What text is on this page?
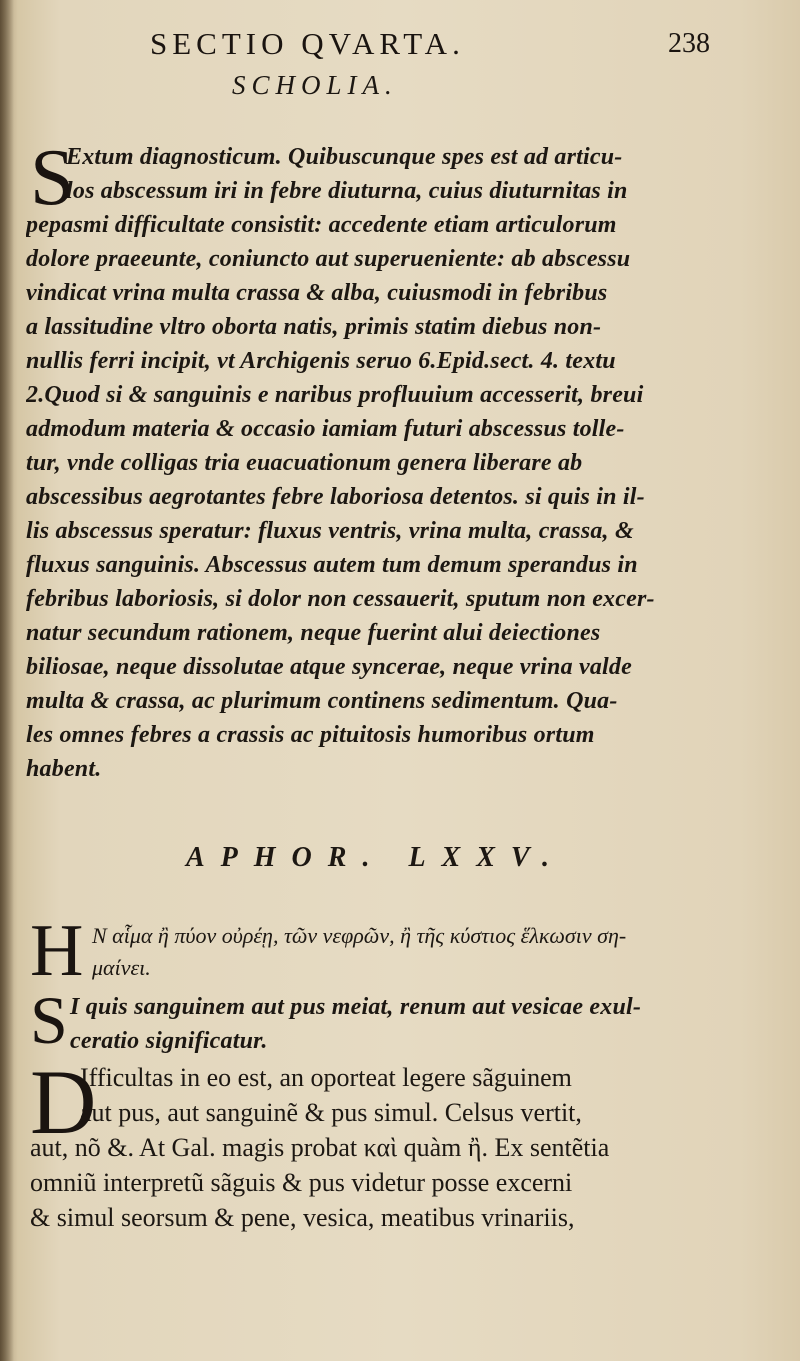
SECTIO QVARTA.	238
SCHOLIA.
S
Extum diagnosticum. Quibuscunque spes est ad articu-
los abscessum iri in febre diuturna, cuius diuturnitas in
pepasmi difficultate consistit: accedente etiam articulorum
dolore praeeunte, coniuncto aut superueniente: ab abscessu
vindicat vrina multa crassa & alba, cuiusmodi in febribus
a lassitudine vltro oborta natis, primis statim diebus non-
nullis ferri incipit, vt Archigenis seruo 6.Epid.sect. 4. textu
2.Quod si & sanguinis e naribus profluuium accesserit, breui
admodum materia & occasio iamiam futuri abscessus tolle-
tur, vnde colligas tria euacuationum genera liberare ab
abscessibus aegrotantes febre laboriosa detentos. si quis in il-
lis abscessus speratur: fluxus ventris, vrina multa, crassa, &
fluxus sanguinis. Abscessus autem tum demum sperandus in
febribus laboriosis, si dolor non cessauerit, sputum non excer-
natur secundum rationem, neque fuerint alui deiectiones
biliosae, neque dissolutae atque syncerae, neque vrina valde
multa & crassa, ac plurimum continens sedimentum. Qua-
les omnes febres a crassis ac pituitosis humoribus ortum
habent.
APHOR. LXXV.
H N αἷμα ἢ πύον οὐρέῃ, τῶν νεφρῶν, ἢ τῆς κύστιος ἕλκωσιν ση-
μαίνει.
S I quis sanguinem aut pus meiat, renum aut vesicae exul-
ceratio significatur.
D
Ifficultas in eo est, an oporteat legere sãguinem
aut pus, aut sanguinẽ & pus simul. Celsus vertit,
aut, nõ &. At Gal. magis probat καὶ quàm ἢ. Ex sentẽtia
omniũ interpretũ sãguis & pus videtur posse excerni
& simul seorsum & pene, vesica, meatibus vrinariis,
